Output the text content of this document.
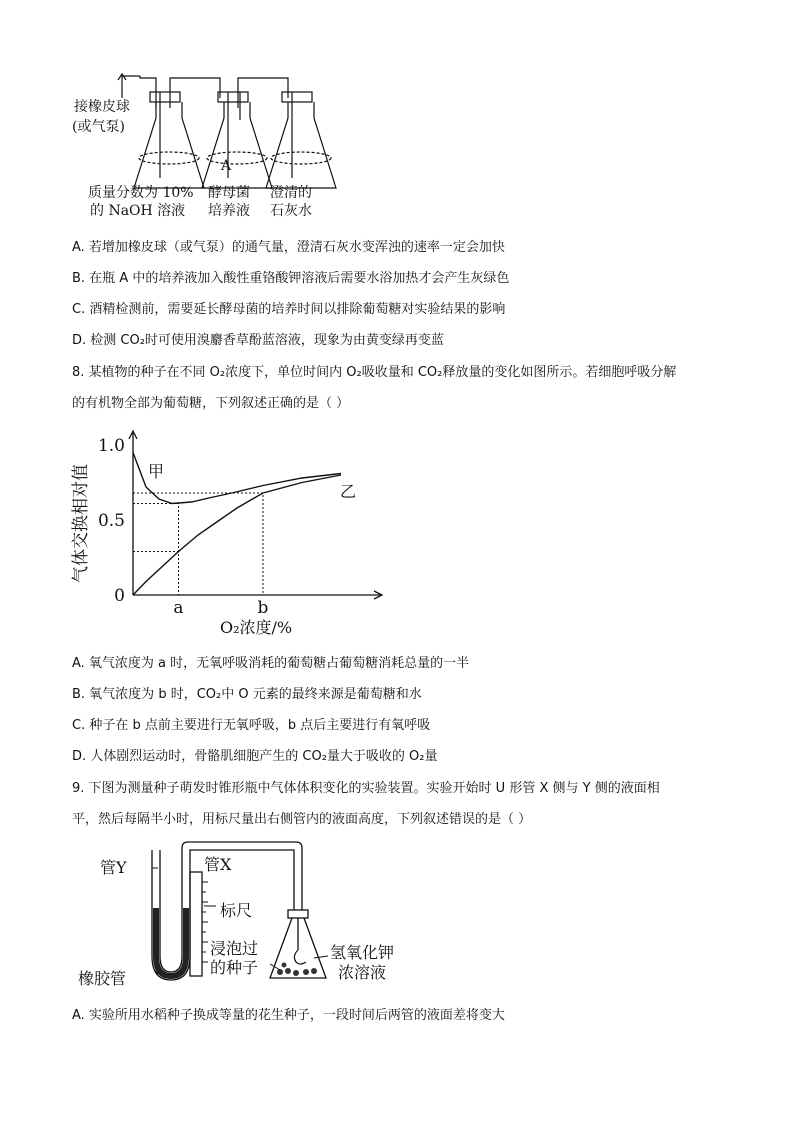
接橡皮球
(或气泵)
A
质量分数为 10%
的 NaOH 溶液
酵母菌
培养液
澄清的
石灰水
A. 若增加橡皮球（或气泵）的通气量，澄清石灰水变浑浊的速率一定会加快
B. 在瓶 A 中的培养液加入酸性重铬酸钾溶液后需要水浴加热才会产生灰绿色
C. 酒精检测前，需要延长酵母菌的培养时间以排除葡萄糖对实验结果的影响
D. 检测 CO₂时可使用溴麝香草酚蓝溶液，现象为由黄变绿再变蓝
8. 某植物的种子在不同 O₂浓度下，单位时间内 O₂吸收量和 CO₂释放量的变化如图所示。若细胞呼吸分解
的有机物全部为葡萄糖，下列叙述正确的是（ ）
0
0.5
1.0
a	b
甲
乙
气体交换相对值
O₂浓度/%
A. 氧气浓度为 a 时，无氧呼吸消耗的葡萄糖占葡萄糖消耗总量的一半
B. 氧气浓度为 b 时，CO₂中 O 元素的最终来源是葡萄糖和水
C. 种子在 b 点前主要进行无氧呼吸，b 点后主要进行有氧呼吸
D. 人体剧烈运动时，骨骼肌细胞产生的 CO₂量大于吸收的 O₂量
9. 下图为测量种子萌发时锥形瓶中气体体积变化的实验装置。实验开始时 U 形管 X 侧与 Y 侧的液面相
平，然后每隔半小时，用标尺量出右侧管内的液面高度，下列叙述错误的是（ ）
管Y	管X
标尺
浸泡过
的种子
氢氧化钾
浓溶液
橡胶管
A. 实验所用水稻种子换成等量的花生种子，一段时间后两管的液面差将变大
